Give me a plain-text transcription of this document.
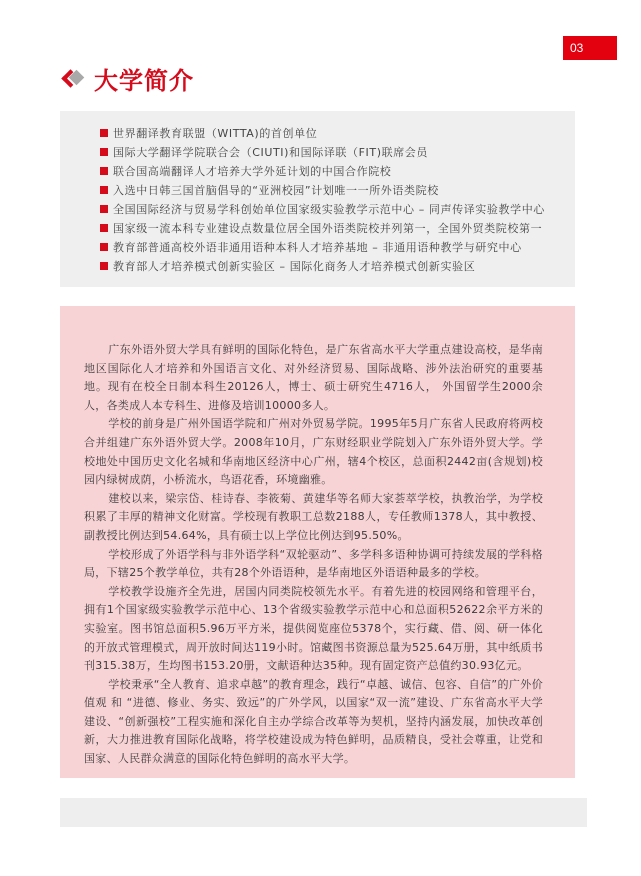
03
大学简介
世界翻译教育联盟（WITTA)的首创单位
国际大学翻译学院联合会（CIUTI)和国际译联（FIT)联席会员
联合国高端翻译人才培养大学外延计划的中国合作院校
入选中日韩三国首脑倡导的“亚洲校园”计划唯一一所外语类院校
全国国际经济与贸易学科创始单位国家级实验教学示范中心 – 同声传译实验教学中心
国家级一流本科专业建设点数量位居全国外语类院校并列第一，全国外贸类院校第一
教育部普通高校外语非通用语种本科人才培养基地 – 非通用语种教学与研究中心
教育部人才培养模式创新实验区 – 国际化商务人才培养模式创新实验区

广东外语外贸大学具有鲜明的国际化特色，是广东省高水平大学重点建设高校，是华南地区国际化人才培养和外国语言文化、对外经济贸易、国际战略、涉外法治研究的重要基地。现有在校全日制本科生20126人，博士、硕士研究生4716人， 外国留学生2000余人，各类成人本专科生、进修及培训10000多人。

学校的前身是广州外国语学院和广州对外贸易学院。1995年5月广东省人民政府将两校合并组建广东外语外贸大学。2008年10月，广东财经职业学院划入广东外语外贸大学。学校地处中国历史文化名城和华南地区经济中心广州，辖4个校区，总面积2442亩(含规划)校园内绿树成荫，小桥流水，鸟语花香，环境幽雅。

建校以来，梁宗岱、桂诗春、李筱菊、黄建华等名师大家荟萃学校，执教治学，为学校积累了丰厚的精神文化财富。学校现有教职工总数2188人，专任教师1378人，其中教授、副教授比例达到54.64%，具有硕士以上学位比例达到95.50%。

学校形成了外语学科与非外语学科“双轮驱动”、多学科多语种协调可持续发展的学科格局，下辖25个教学单位，共有28个外语语种，是华南地区外语语种最多的学校。

学校教学设施齐全先进，居国内同类院校领先水平。有着先进的校园网络和管理平台，拥有1个国家级实验教学示范中心、13个省级实验教学示范中心和总面积52622余平方米的实验室。图书馆总面积5.96万平方米，提供阅览座位5378个，实行藏、借、阅、研一体化的开放式管理模式，周开放时间达119小时。馆藏图书资源总量为525.64万册，其中纸质书刊315.38万，生均图书153.20册，文献语种达35种。现有固定资产总值约30.93亿元。

学校秉承“全人教育、追求卓越”的教育理念，践行“卓越、诚信、包容、自信”的广外价值观 和 “进德、修业、务实、致远”的广外学风，以国家“双一流”建设、广东省高水平大学建设、“创新强校”工程实施和深化自主办学综合改革等为契机，坚持内涵发展，加快改革创新，大力推进教育国际化战略，将学校建设成为特色鲜明，品质精良，受社会尊重，让党和国家、人民群众满意的国际化特色鲜明的高水平大学。
